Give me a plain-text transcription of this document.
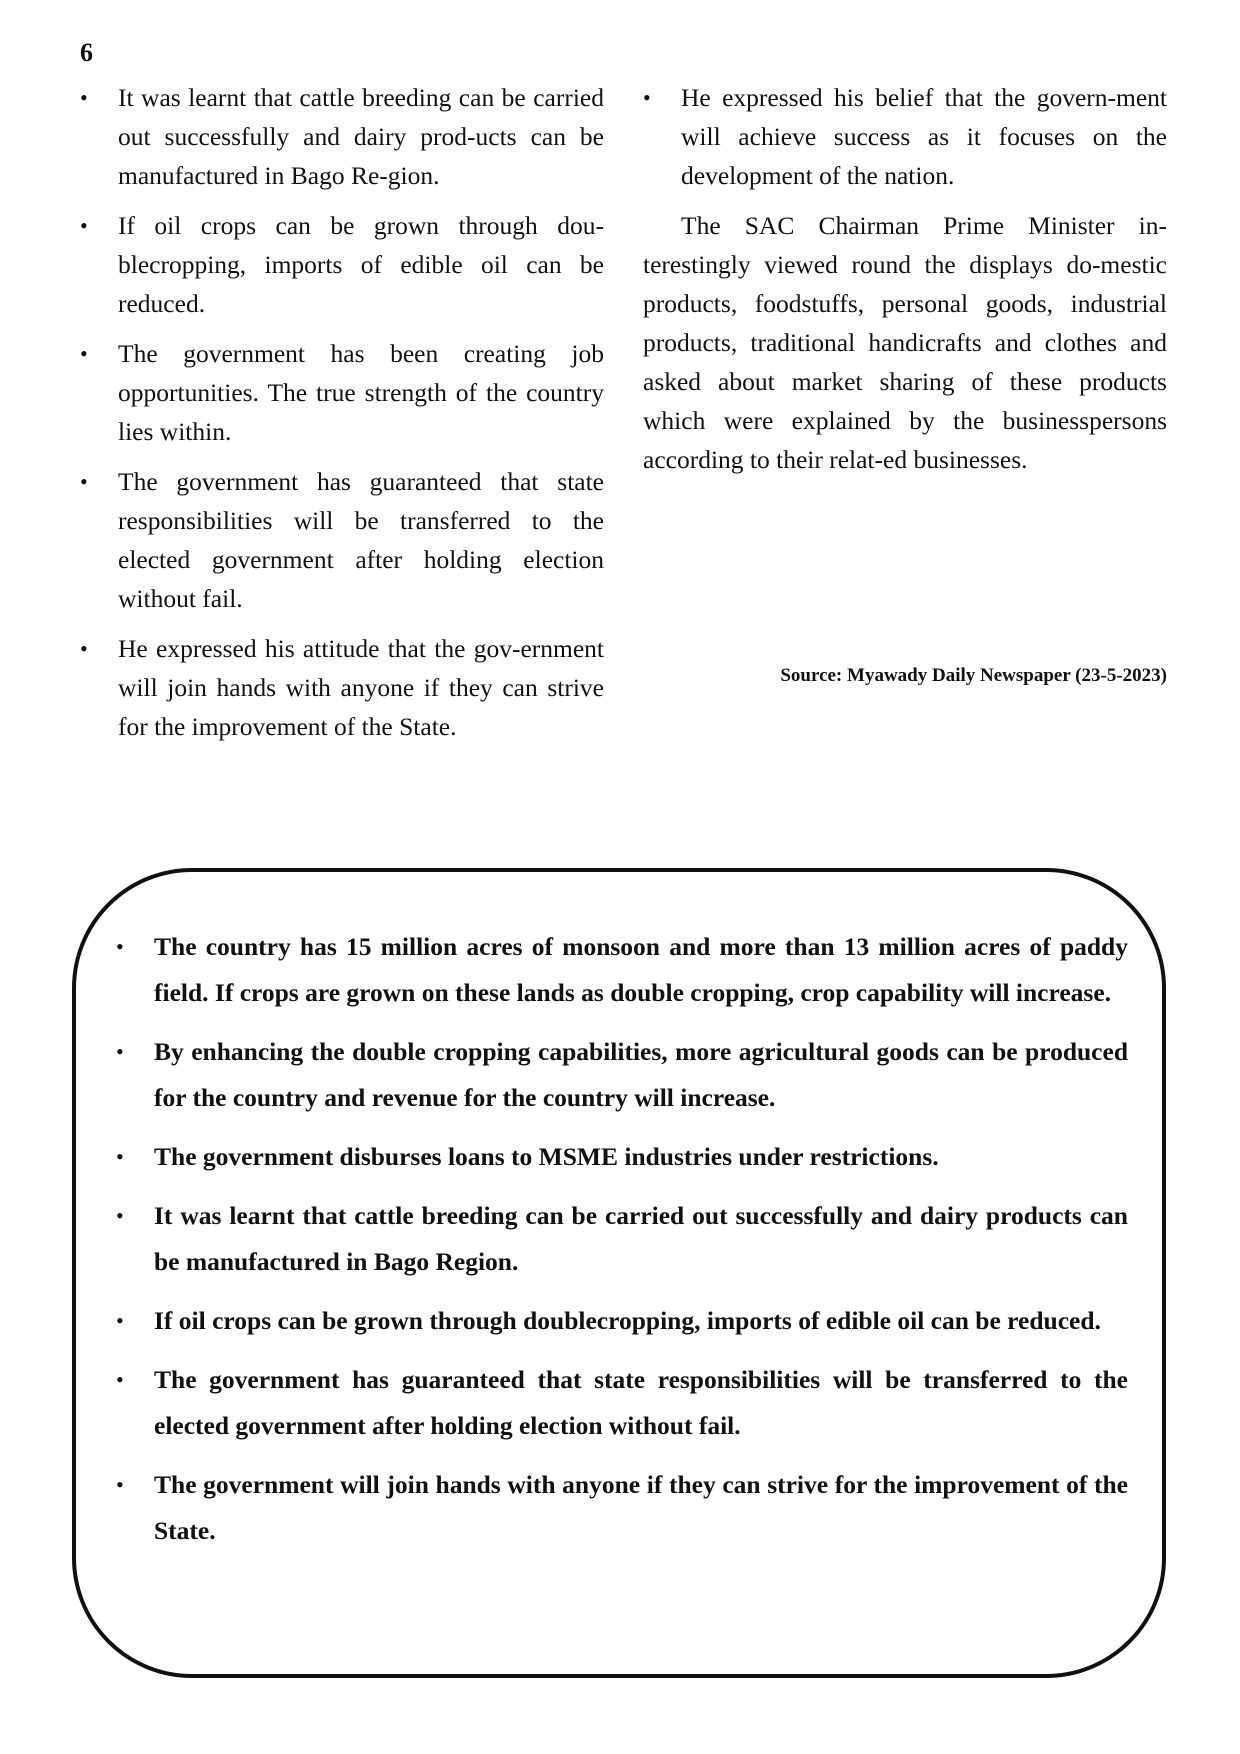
6
• It was learnt that cattle breeding can be carried out successfully and dairy prod-ucts can be manufactured in Bago Re-gion.
• If oil crops can be grown through dou-blecropping, imports of edible oil can be reduced.
• The government has been creating job opportunities. The true strength of the country lies within.
• The government has guaranteed that state responsibilities will be transferred to the elected government after holding election without fail.
• He expressed his attitude that the gov-ernment will join hands with anyone if they can strive for the improvement of the State.
• He expressed his belief that the govern-ment will achieve success as it focuses on the development of the nation.

The SAC Chairman Prime Minister in-terestingly viewed round the displays do-mestic products, foodstuffs, personal goods, industrial products, traditional handicrafts and clothes and asked about market sharing of these products which were explained by the businesspersons according to their relat-ed businesses.

Source: Myawady Daily Newspaper (23-5-2023)
• The country has 15 million acres of monsoon and more than 13 million acres of paddy field. If crops are grown on these lands as double cropping, crop capability will increase.
• By enhancing the double cropping capabilities, more agricultural goods can be produced for the country and revenue for the country will increase.
• The government disburses loans to MSME industries under restrictions.
• It was learnt that cattle breeding can be carried out successfully and dairy products can be manufactured in Bago Region.
• If oil crops can be grown through doublecropping, imports of edible oil can be reduced.
• The government has guaranteed that state responsibilities will be transferred to the elected government after holding election without fail.
• The government will join hands with anyone if they can strive for the improvement of the State.
